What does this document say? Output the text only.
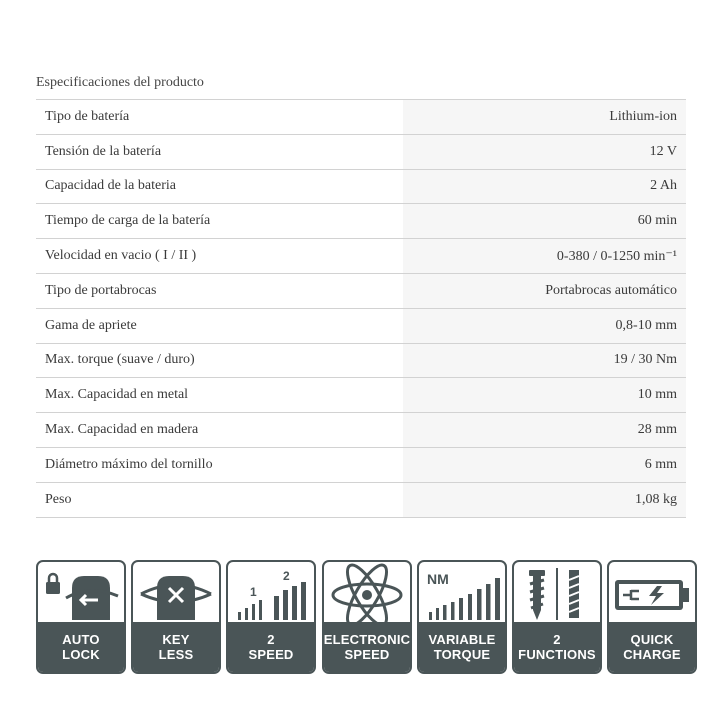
Especificaciones del producto
Tipo de batería	Lithium-ion
Tensión de la batería	12 V
Capacidad de la bateria	2 Ah
Tiempo de carga de la batería	60 min
Velocidad en vacio ( I / II )	0-380 / 0-1250 min⁻¹
Tipo de portabrocas	Portabrocas automático
Gama de apriete	0,8-10 mm
Max. torque (suave / duro)	19 / 30 Nm
Max. Capacidad en metal	10 mm
Max. Capacidad en madera	28 mm
Diámetro máximo del tornillo	6 mm
Peso	1,08 kg
AUTO
LOCK
KEY
LESS
1
2
2
SPEED
ELECTRONIC
SPEED
NM
VARIABLE
TORQUE
2
FUNCTIONS
QUICK
CHARGE
